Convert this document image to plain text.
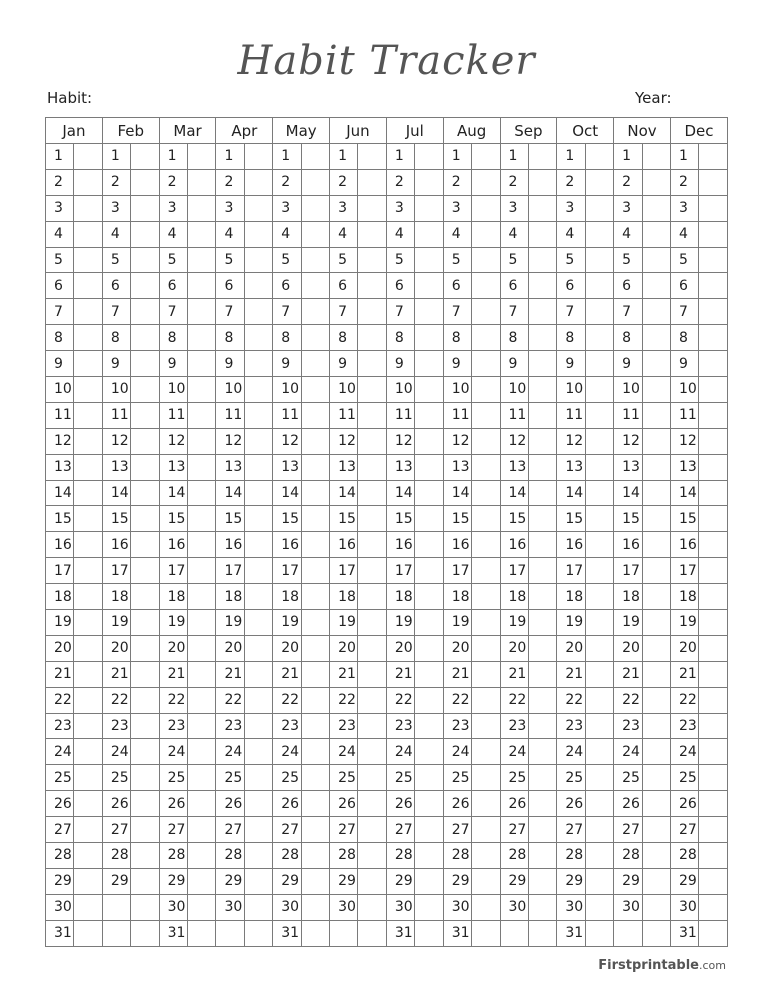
Habit Tracker
Habit:	Year:
Jan		Feb		Mar		Apr		May		Jun		Jul		Aug		Sep		Oct		Nov		Dec	
1		1		1		1		1		1		1		1		1		1		1		1	
2		2		2		2		2		2		2		2		2		2		2		2	
3		3		3		3		3		3		3		3		3		3		3		3	
4		4		4		4		4		4		4		4		4		4		4		4	
5		5		5		5		5		5		5		5		5		5		5		5	
6		6		6		6		6		6		6		6		6		6		6		6	
7		7		7		7		7		7		7		7		7		7		7		7	
8		8		8		8		8		8		8		8		8		8		8		8	
9		9		9		9		9		9		9		9		9		9		9		9	
10		10		10		10		10		10		10		10		10		10		10		10	
11		11		11		11		11		11		11		11		11		11		11		11	
12		12		12		12		12		12		12		12		12		12		12		12	
13		13		13		13		13		13		13		13		13		13		13		13	
14		14		14		14		14		14		14		14		14		14		14		14	
15		15		15		15		15		15		15		15		15		15		15		15	
16		16		16		16		16		16		16		16		16		16		16		16	
17		17		17		17		17		17		17		17		17		17		17		17	
18		18		18		18		18		18		18		18		18		18		18		18	
19		19		19		19		19		19		19		19		19		19		19		19	
20		20		20		20		20		20		20		20		20		20		20		20	
21		21		21		21		21		21		21		21		21		21		21		21	
22		22		22		22		22		22		22		22		22		22		22		22	
23		23		23		23		23		23		23		23		23		23		23		23	
24		24		24		24		24		24		24		24		24		24		24		24	
25		25		25		25		25		25		25		25		25		25		25		25	
26		26		26		26		26		26		26		26		26		26		26		26	
27		27		27		27		27		27		27		27		27		27		27		27	
28		28		28		28		28		28		28		28		28		28		28		28	
29		29		29		29		29		29		29		29		29		29		29		29	
30				30		30		30		30		30		30		30		30		30		30	
31				31				31				31		31				31				31	
Firstprintable.com
